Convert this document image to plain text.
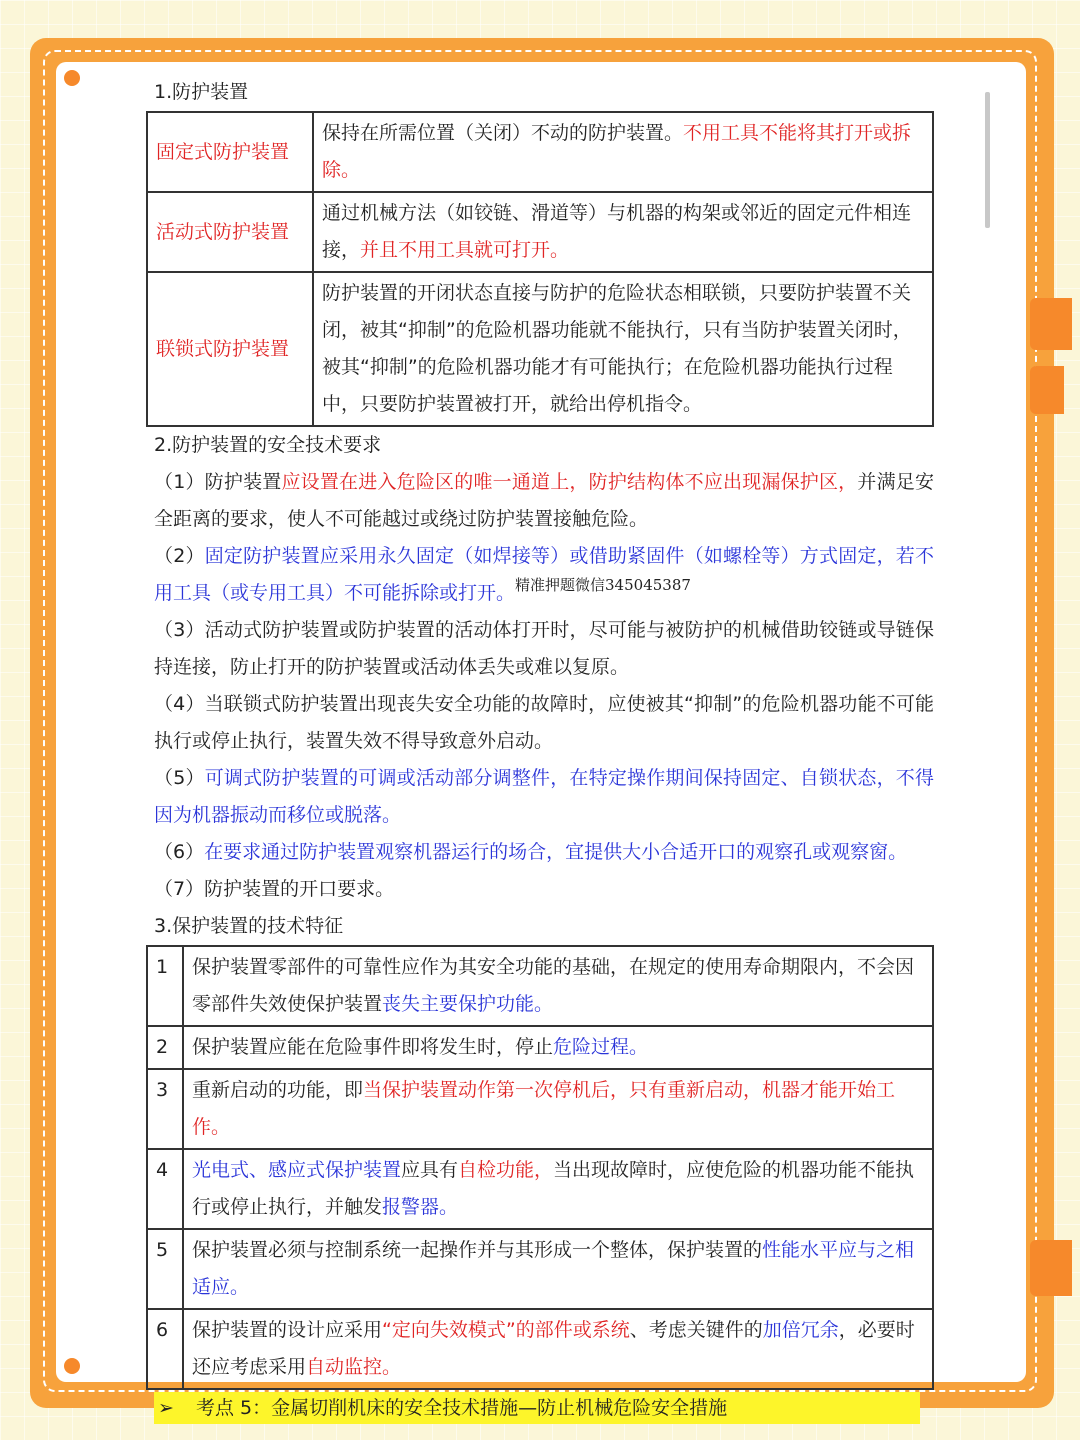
1.防护装置
固定式防护装置	保持在所需位置（关闭）不动的防护装置。不用工具不能将其打开或拆除。
活动式防护装置	通过机械方法（如铰链、滑道等）与机器的构架或邻近的固定元件相连接，并且不用工具就可打开。
联锁式防护装置	防护装置的开闭状态直接与防护的危险状态相联锁，只要防护装置不关闭，被其“抑制”的危险机器功能就不能执行，只有当防护装置关闭时，被其“抑制”的危险机器功能才有可能执行；在危险机器功能执行过程中，只要防护装置被打开，就给出停机指令。
2.防护装置的安全技术要求

（1）防护装置应设置在进入危险区的唯一通道上，防护结构体不应出现漏保护区，并满足安全距离的要求，使人不可能越过或绕过防护装置接触危险。

（2）固定防护装置应采用永久固定（如焊接等）或借助紧固件（如螺栓等）方式固定，若不用工具（或专用工具）不可能拆除或打开。$^{精准押题微信345045387}$

（3）活动式防护装置或防护装置的活动体打开时，尽可能与被防护的机械借助铰链或导链保持连接，防止打开的防护装置或活动体丢失或难以复原。

（4）当联锁式防护装置出现丧失安全功能的故障时，应使被其“抑制”的危险机器功能不可能执行或停止执行，装置失效不得导致意外启动。

（5）可调式防护装置的可调或活动部分调整件，在特定操作期间保持固定、自锁状态，不得因为机器振动而移位或脱落。

（6）在要求通过防护装置观察机器运行的场合，宜提供大小合适开口的观察孔或观察窗。

（7）防护装置的开口要求。

3.保护装置的技术特征
1	保护装置零部件的可靠性应作为其安全功能的基础，在规定的使用寿命期限内，不会因零部件失效使保护装置丧失主要保护功能。
2	保护装置应能在危险事件即将发生时，停止危险过程。
3	重新启动的功能，即当保护装置动作第一次停机后，只有重新启动，机器才能开始工作。
4	光电式、感应式保护装置应具有自检功能，当出现故障时，应使危险的机器功能不能执行或停止执行，并触发报警器。
5	保护装置必须与控制系统一起操作并与其形成一个整体，保护装置的性能水平应与之相适应。
6	保护装置的设计应采用“定向失效模式”的部件或系统、考虑关键件的加倍冗余，必要时还应考虑采用自动监控。
➢ 考点 5：金属切削机床的安全技术措施—防止机械危险安全措施
